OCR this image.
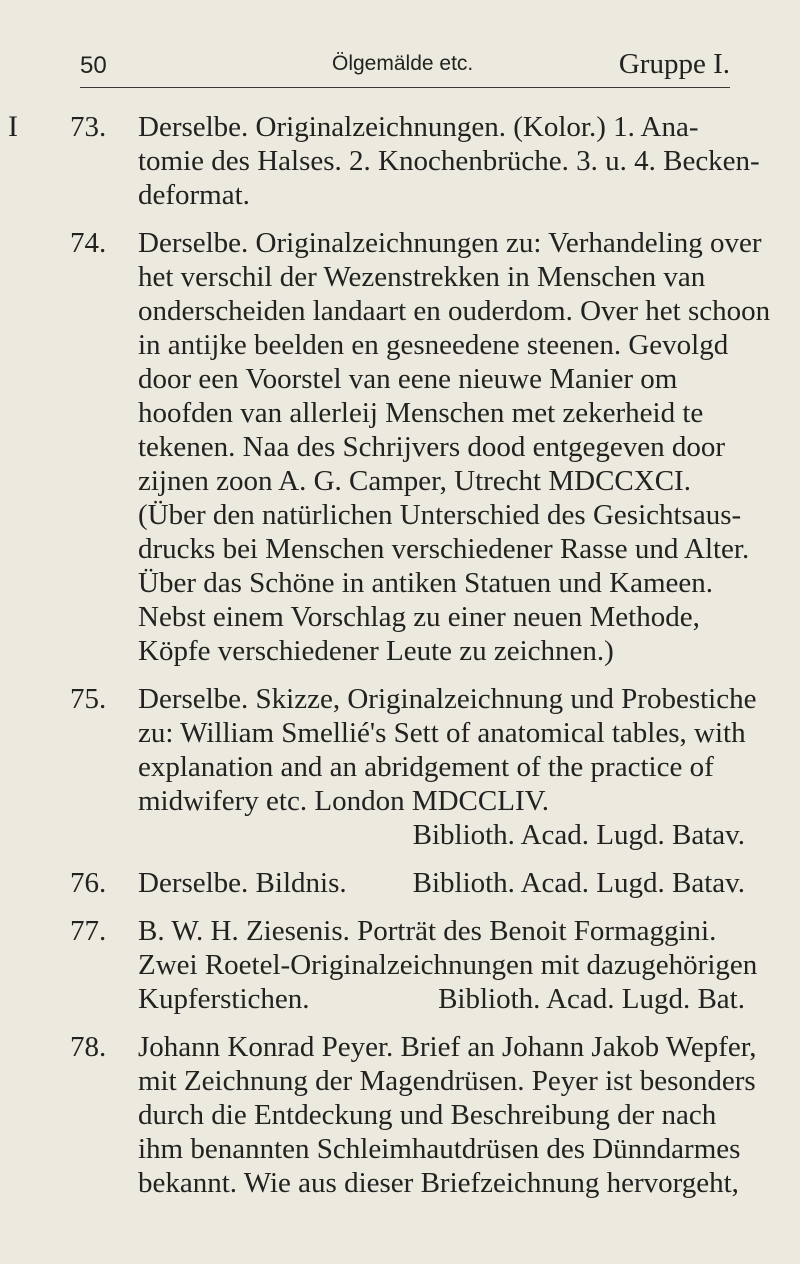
50	Ölgemälde etc.	Gruppe I.
I 73. Derselbe. Originalzeichnungen. (Kolor.) 1. Ana-
tomie des Halses. 2. Knochenbrüche. 3. u. 4. Becken-
deformat.
74. Derselbe. Originalzeichnungen zu: Verhandeling over
het verschil der Wezenstrekken in Menschen van
onderscheiden landaart en ouderdom. Over het schoon
in antijke beelden en gesneedene steenen. Gevolgd
door een Voorstel van eene nieuwe Manier om
hoofden van allerleij Menschen met zekerheid te
tekenen. Naa des Schrijvers dood entgegeven door
zijnen zoon A. G. Camper, Utrecht MDCCXCI.
(Über den natürlichen Unterschied des Gesichtsaus-
drucks bei Menschen verschiedener Rasse und Alter.
Über das Schöne in antiken Statuen und Kameen.
Nebst einem Vorschlag zu einer neuen Methode,
Köpfe verschiedener Leute zu zeichnen.)
75. Derselbe. Skizze, Originalzeichnung und Probestiche
zu: William Smellié's Sett of anatomical tables, with
explanation and an abridgement of the practice of
midwifery etc. London MDCCLIV.
Biblioth. Acad. Lugd. Batav.
76. Derselbe. Bildnis. Biblioth. Acad. Lugd. Batav.
77. B. W. H. Ziesenis. Porträt des Benoit Formaggini.
Zwei Roetel-Originalzeichnungen mit dazugehörigen
Kupferstichen.	Biblioth. Acad. Lugd. Bat.
78. Johann Konrad Peyer. Brief an Johann Jakob Wepfer,
mit Zeichnung der Magendrüsen. Peyer ist besonders
durch die Entdeckung und Beschreibung der nach
ihm benannten Schleimhautdrüsen des Dünndarmes
bekannt. Wie aus dieser Briefzeichnung hervorgeht,
